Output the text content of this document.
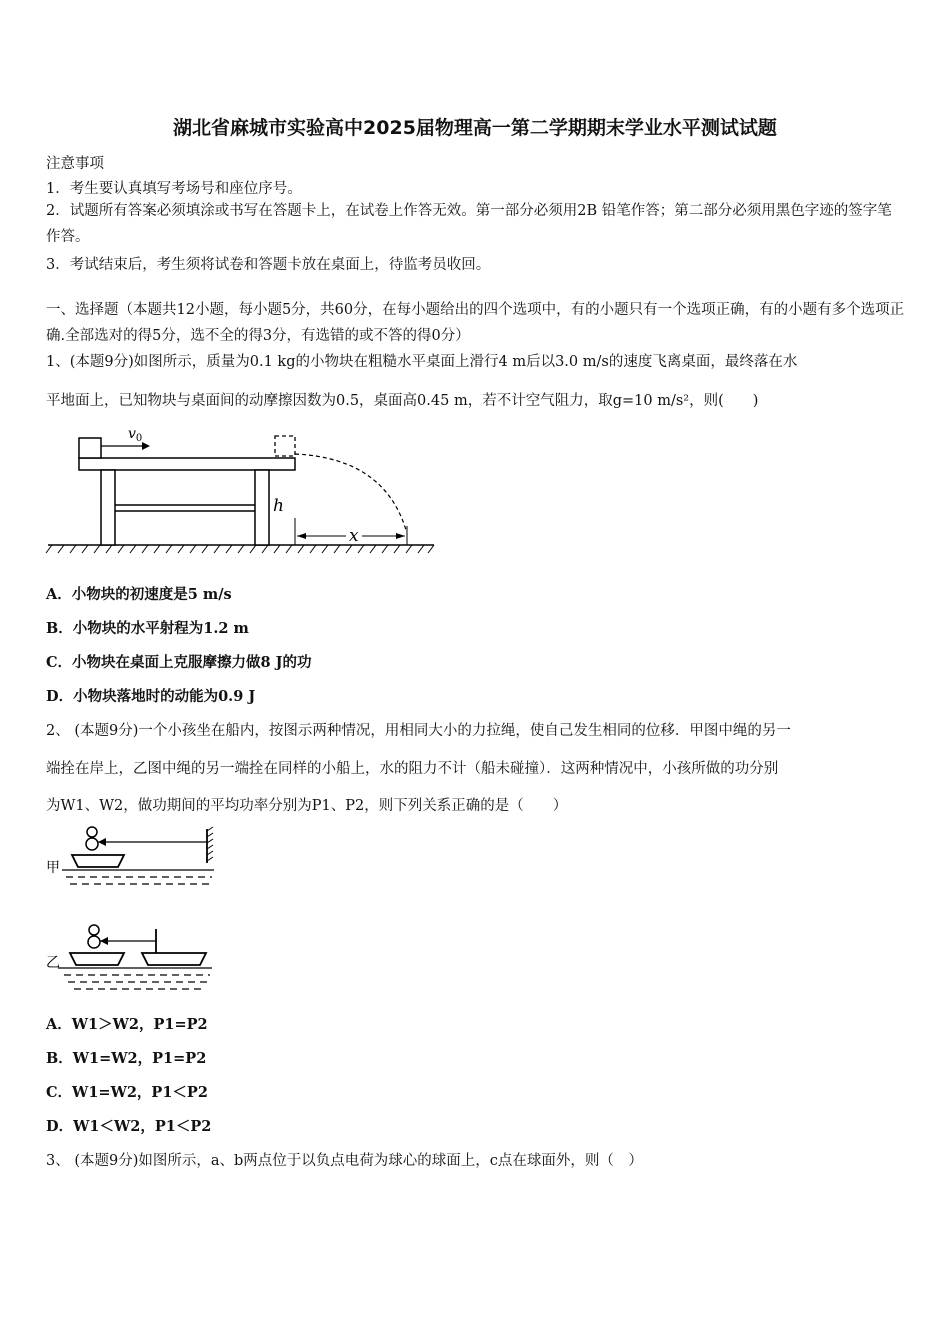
湖北省麻城市实验高中2025届物理高一第二学期期末学业水平测试试题
注意事项
1．考生要认真填写考场号和座位序号。
2．试题所有答案必须填涂或书写在答题卡上，在试卷上作答无效。第一部分必须用2B 铅笔作答；第二部分必须用黑色字迹的签字笔作答。
3．考试结束后，考生须将试卷和答题卡放在桌面上，待监考员收回。
一、选择题（本题共12小题，每小题5分，共60分，在每小题给出的四个选项中，有的小题只有一个选项正确，有的小题有多个选项正确.全部选对的得5分，选不全的得3分，有选错的或不答的得0分）
1、(本题9分)如图所示，质量为0.1 kg的小物块在粗糙水平桌面上滑行4 m后以3.0 m/s的速度飞离桌面，最终落在水
平地面上，已知物块与桌面间的动摩擦因数为0.5，桌面高0.45 m，若不计空气阻力，取g=10 m/s²，则(　　)
$v_0$
h
x
A．小物块的初速度是5 m/s
B．小物块的水平射程为1.2 m
C．小物块在桌面上克服摩擦力做8 J的功
D．小物块落地时的动能为0.9 J
2、 (本题9分)一个小孩坐在船内，按图示两种情况，用相同大小的力拉绳，使自己发生相同的位移．甲图中绳的另一
端拴在岸上，乙图中绳的另一端拴在同样的小船上，水的阻力不计（船未碰撞）．这两种情况中，小孩所做的功分别
为W1、W2，做功期间的平均功率分别为P1、P2，则下列关系正确的是（　　）
甲
乙
A．W1＞W2，P1=P2
B．W1=W2，P1=P2
C．W1=W2，P1＜P2
D．W1＜W2，P1＜P2
3、 (本题9分)如图所示，a、b两点位于以负点电荷为球心的球面上，c点在球面外，则（　）
